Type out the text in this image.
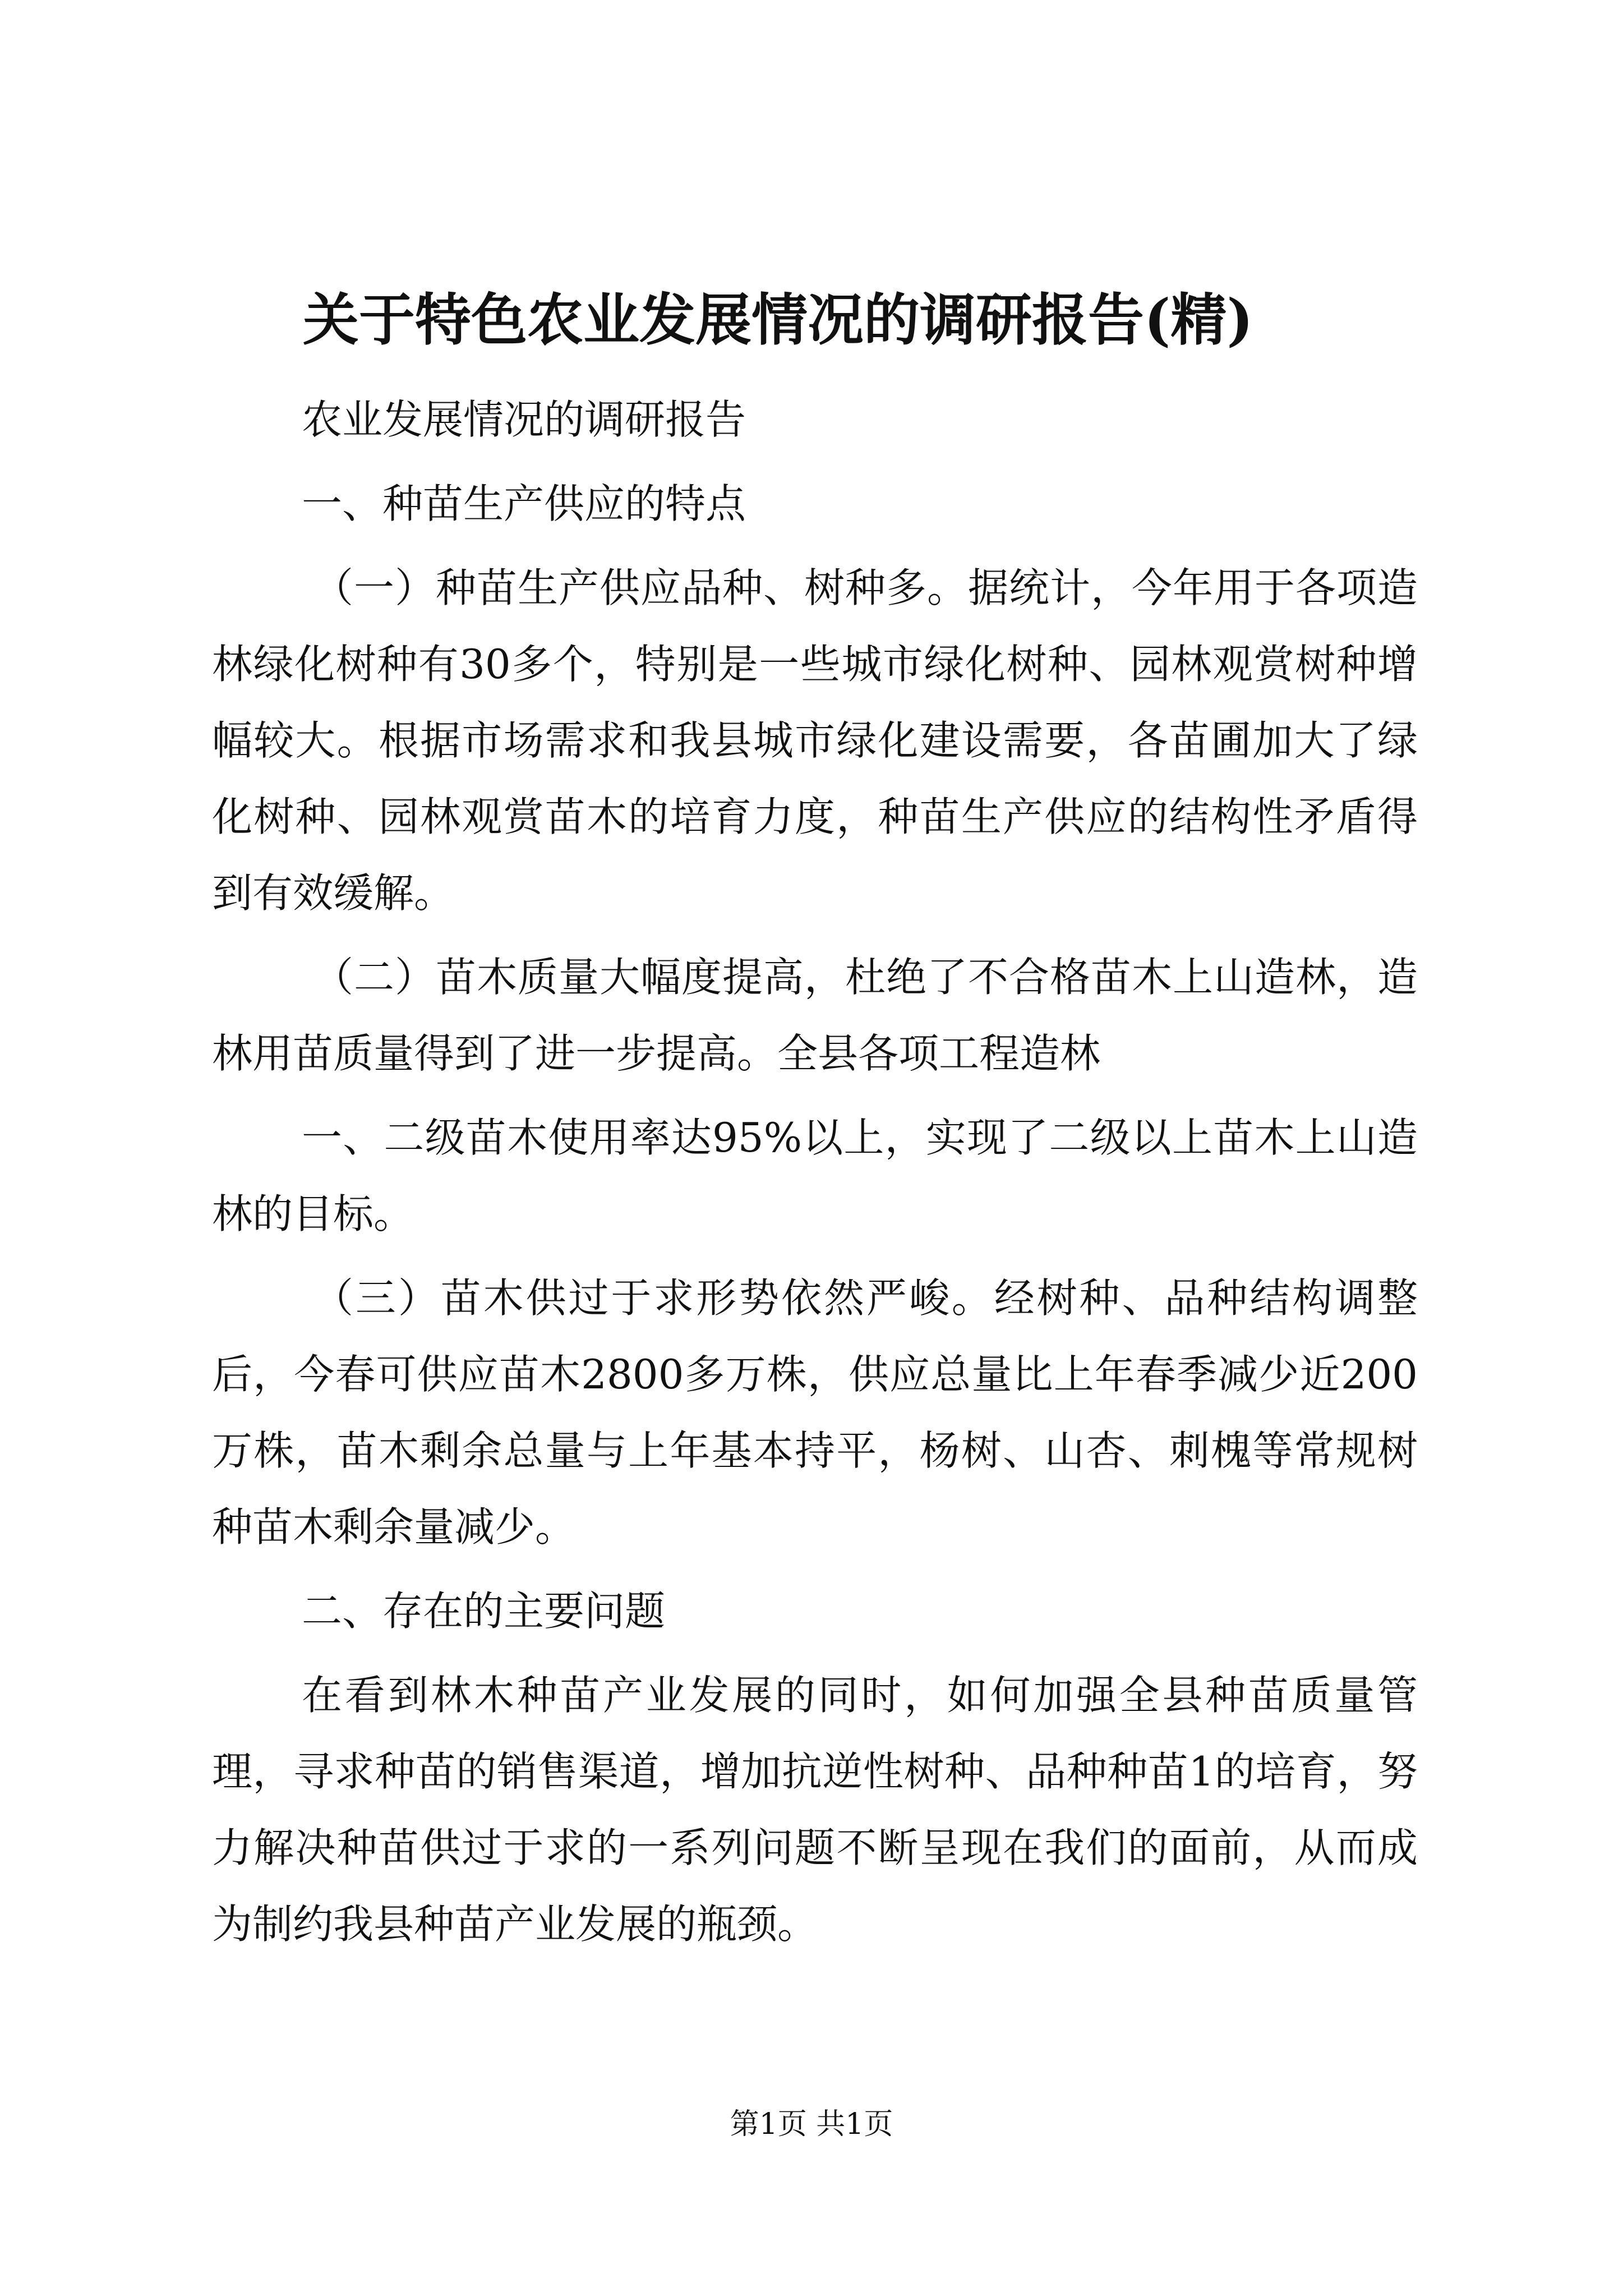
关于特色农业发展情况的调研报告(精)

农业发展情况的调研报告

一、种苗生产供应的特点

（一）种苗生产供应品种、树种多。据统计，今年用于各项造林绿化树种有30多个，特别是一些城市绿化树种、园林观赏树种增幅较大。根据市场需求和我县城市绿化建设需要，各苗圃加大了绿化树种、园林观赏苗木的培育力度，种苗生产供应的结构性矛盾得到有效缓解。

（二）苗木质量大幅度提高，杜绝了不合格苗木上山造林，造林用苗质量得到了进一步提高。全县各项工程造林

一、二级苗木使用率达95%以上，实现了二级以上苗木上山造林的目标。

（三）苗木供过于求形势依然严峻。经树种、品种结构调整后，今春可供应苗木2800多万株，供应总量比上年春季减少近200万株，苗木剩余总量与上年基本持平，杨树、山杏、刺槐等常规树种苗木剩余量减少。

二、存在的主要问题

在看到林木种苗产业发展的同时，如何加强全县种苗质量管理，寻求种苗的销售渠道，增加抗逆性树种、品种种苗1的培育，努力解决种苗供过于求的一系列问题不断呈现在我们的面前，从而成为制约我县种苗产业发展的瓶颈。

第1页 共1页
